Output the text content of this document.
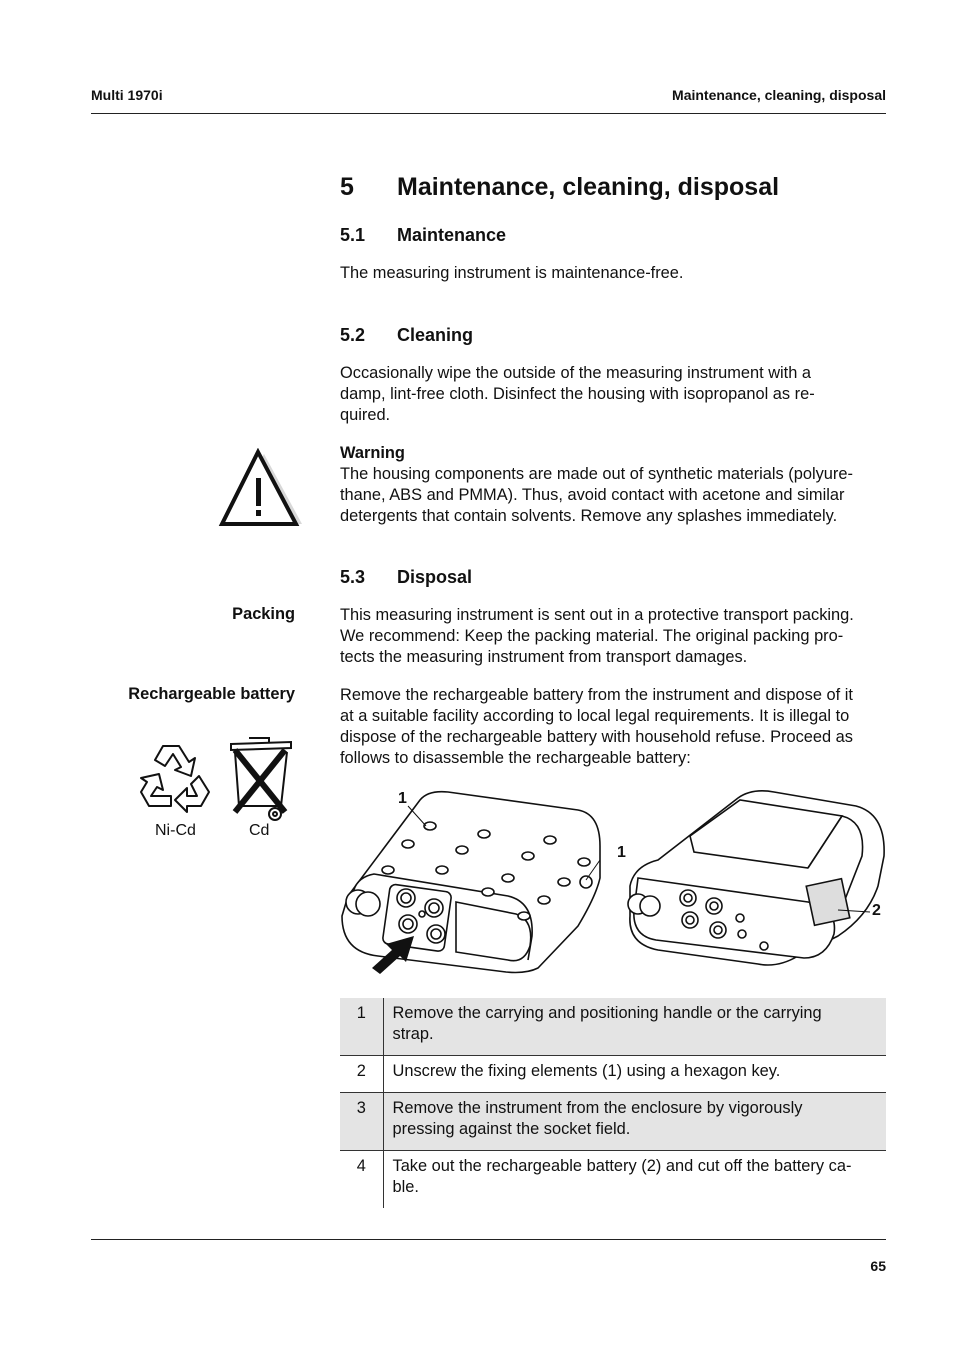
Multi 1970i	Maintenance, cleaning, disposal
5 Maintenance, cleaning, disposal
5.1 Maintenance
The measuring instrument is maintenance-free.
5.2 Cleaning
Occasionally wipe the outside of the measuring instrument with a
damp, lint-free cloth. Disinfect the housing with isopropanol as re-
quired.
Warning
The housing components are made out of synthetic materials (polyure-
thane, ABS and PMMA). Thus, avoid contact with acetone and similar
detergents that contain solvents. Remove any splashes immediately.
5.3 Disposal
Packing	This measuring instrument is sent out in a protective transport packing.
We recommend: Keep the packing material. The original packing pro-
tects the measuring instrument from transport damages.
Rechargeable battery	Remove the rechargeable battery from the instrument and dispose of it
at a suitable facility according to local legal requirements. It is illegal to
dispose of the rechargeable battery with household refuse. Proceed as
follows to disassemble the rechargeable battery:
Ni-Cd	Cd
1
1
2
1	Remove the carrying and positioning handle or the carrying
strap.

2	Unscrew the fixing elements (1) using a hexagon key.

3	Remove the instrument from the enclosure by vigorously
pressing against the socket field.

4	Take out the rechargeable battery (2) and cut off the battery ca-
ble.
65
